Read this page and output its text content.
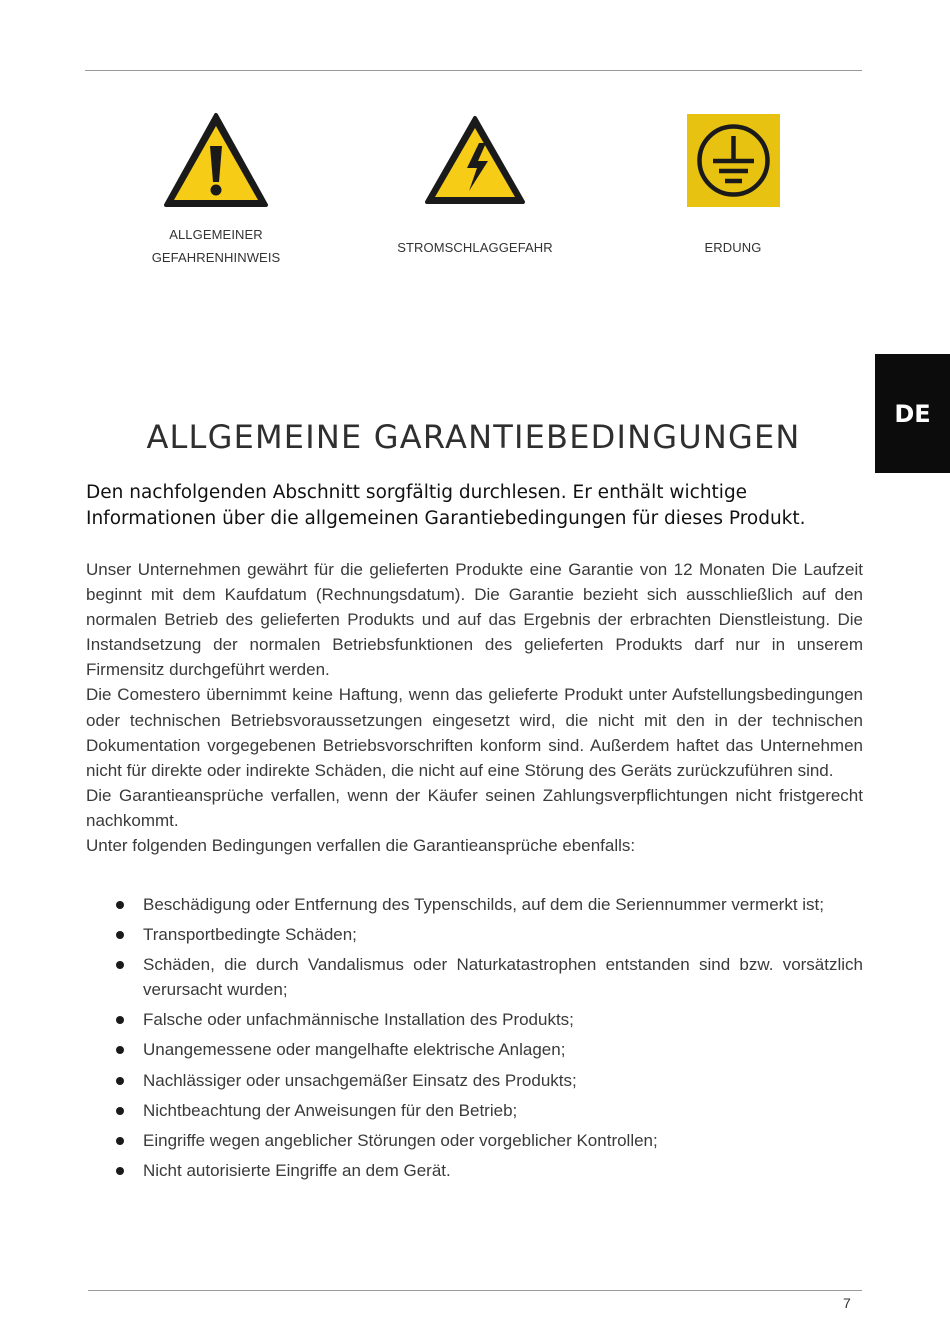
ALLGEMEINER
GEFAHRENHINWEIS
STROMSCHLAGGEFAHR	ERDUNG
DE
ALLGEMEINE GARANTIEBEDINGUNGEN
Den nachfolgenden Abschnitt sorgfältig durchlesen. Er enthält wichtige Informationen über die allgemeinen Garantiebedingungen für dieses Produkt.

Unser Unternehmen gewährt für die gelieferten Produkte eine Garantie von 12 Monaten Die Laufzeit beginnt mit dem Kaufdatum (Rechnungsdatum). Die Garantie bezieht sich ausschließlich auf den normalen Betrieb des gelieferten Produkts und auf das Ergebnis der erbrachten Dienstleistung. Die Instandsetzung der normalen Betriebsfunktionen des gelieferten Produkts darf nur in unserem Firmensitz durchgeführt werden.

Die Comestero übernimmt keine Haftung, wenn das gelieferte Produkt unter Aufstellungsbedingungen oder technischen Betriebsvoraussetzungen eingesetzt wird, die nicht mit den in der technischen Dokumentation vorgegebenen Betriebsvorschriften konform sind. Außerdem haftet das Unternehmen nicht für direkte oder indirekte Schäden, die nicht auf eine Störung des Geräts zurückzuführen sind.

Die Garantieansprüche verfallen, wenn der Käufer seinen Zahlungsverpflichtungen nicht fristgerecht nachkommt.

Unter folgenden Bedingungen verfallen die Garantieansprüche ebenfalls:

Beschädigung oder Entfernung des Typenschilds, auf dem die Seriennummer vermerkt ist;
Transportbedingte Schäden;
Schäden, die durch Vandalismus oder Naturkatastrophen entstanden sind bzw. vorsätzlich verursacht wurden;
Falsche oder unfachmännische Installation des Produkts;
Unangemessene oder mangelhafte elektrische Anlagen;
Nachlässiger oder unsachgemäßer Einsatz des Produkts;
Nichtbeachtung der Anweisungen für den Betrieb;
Eingriffe wegen angeblicher Störungen oder vorgeblicher Kontrollen;
Nicht autorisierte Eingriffe an dem Gerät.
7
